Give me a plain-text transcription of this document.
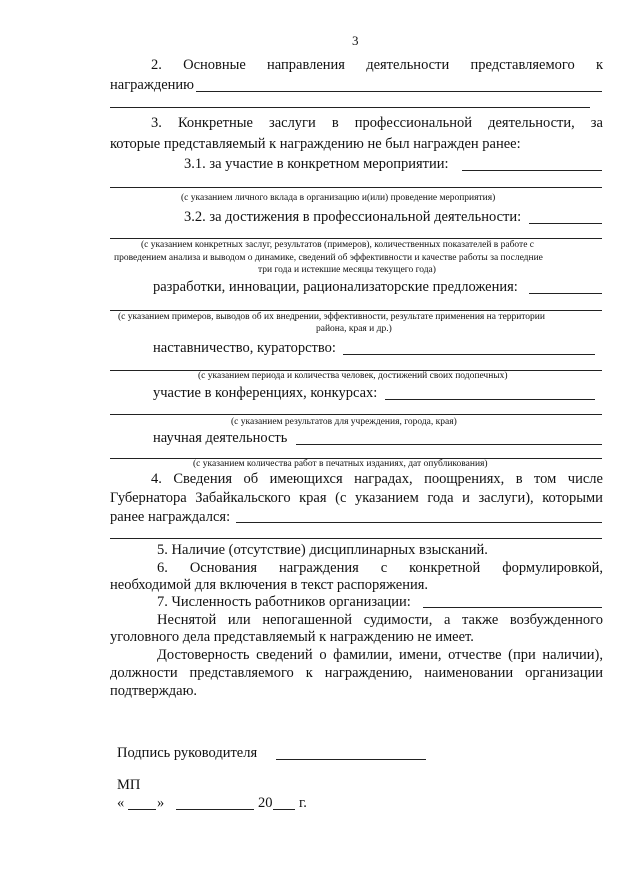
3
2. Основные направления деятельности представляемого к
награждению
3. Конкретные заслуги в профессиональной деятельности, за
которые представляемый к награждению не был награжден ранее:
3.1. за участие в конкретном мероприятии:
(с указанием личного вклада в организацию и(или) проведение мероприятия)
3.2. за достижения в профессиональной деятельности:
(с указанием конкретных заслуг, результатов (примеров), количественных показателей в работе с
проведением анализа и выводом о динамике, сведений об эффективности и качестве работы за последние
три года и истекшие месяцы текущего года)
разработки, инновации, рационализаторские предложения:
(с указанием примеров, выводов об их внедрении, эффективности, результате применения на территории
района, края и др.)
наставничество, кураторство:
(с указанием периода и количества человек, достижений своих подопечных)
участие в конференциях, конкурсах:
(с указанием результатов для учреждения, города, края)
научная деятельность
(с указанием количества работ в печатных изданиях, дат опубликования)
4. Сведения об имеющихся наградах, поощрениях, в том числе
Губернатора Забайкальского края (с указанием года и заслуги), которыми
ранее награждался:
5. Наличие (отсутствие) дисциплинарных взысканий.
6. Основания награждения с конкретной формулировкой,
необходимой для включения в текст распоряжения.
7. Численность работников организации:
Неснятой или непогашенной судимости, а также возбужденного
уголовного дела представляемый к награждению не имеет.
Достоверность сведений о фамилии, имени, отчестве (при наличии),
должности представляемого к награждению, наименовании организации
подтверждаю.
Подпись руководителя
МП
« »	20 г.
